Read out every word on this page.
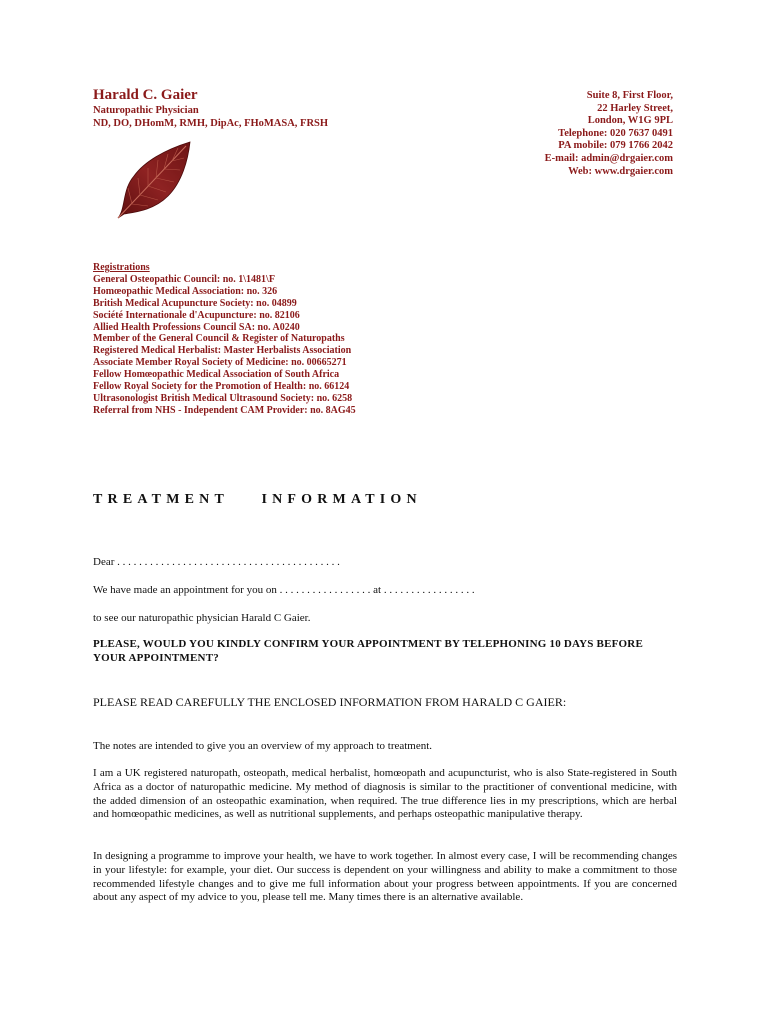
Harald C. Gaier
Naturopathic Physician
ND, DO, DHomM, RMH, DipAc, FHoMASA, FRSH
Suite 8, First Floor,
22 Harley Street,
London, W1G 9PL
Telephone: 020 7637 0491
PA mobile: 079 1766 2042
E-mail: admin@drgaier.com
Web: www.drgaier.com
Registrations
General Osteopathic Council: no. 1\1481\F
Homœopathic Medical Association: no. 326
British Medical Acupuncture Society: no. 04899
Société Internationale d'Acupuncture: no. 82106
Allied Health Professions Council SA: no. A0240
Member of the General Council & Register of Naturopaths
Registered Medical Herbalist: Master Herbalists Association
Associate Member Royal Society of Medicine: no. 00665271
Fellow Homœopathic Medical Association of South Africa
Fellow Royal Society for the Promotion of Health: no. 66124
Ultrasonologist British Medical Ultrasound Society: no. 6258
Referral from NHS - Independent CAM Provider: no. 8AG45
TREATMENT INFORMATION
Dear . . . . . . . . . . . . . . . . . . . . . . . . . . . . . . . . . . . . . . . . .
We have made an appointment for you on . . . . . . . . . . . . . . . . . at . . . . . . . . . . . . . . . . .
to see our naturopathic physician Harald C Gaier.
PLEASE, WOULD YOU KINDLY CONFIRM YOUR APPOINTMENT BY TELEPHONING 10 DAYS BEFORE YOUR APPOINTMENT?
PLEASE READ CAREFULLY THE ENCLOSED INFORMATION FROM HARALD C GAIER:
The notes are intended to give you an overview of my approach to treatment.
I am a UK registered naturopath, osteopath, medical herbalist, homœopath and acupuncturist, who is also State-registered in South Africa as a doctor of naturopathic medicine. My method of diagnosis is similar to the practitioner of conventional medicine, with the added dimension of an osteopathic examination, when required. The true difference lies in my prescriptions, which are herbal and homœopathic medicines, as well as nutritional supplements, and perhaps osteopathic manipulative therapy.
In designing a programme to improve your health, we have to work together. In almost every case, I will be recommending changes in your lifestyle: for example, your diet. Our success is dependent on your willingness and ability to make a commitment to those recommended lifestyle changes and to give me full information about your progress between appointments. If you are concerned about any aspect of my advice to you, please tell me. Many times there is an alternative available.
